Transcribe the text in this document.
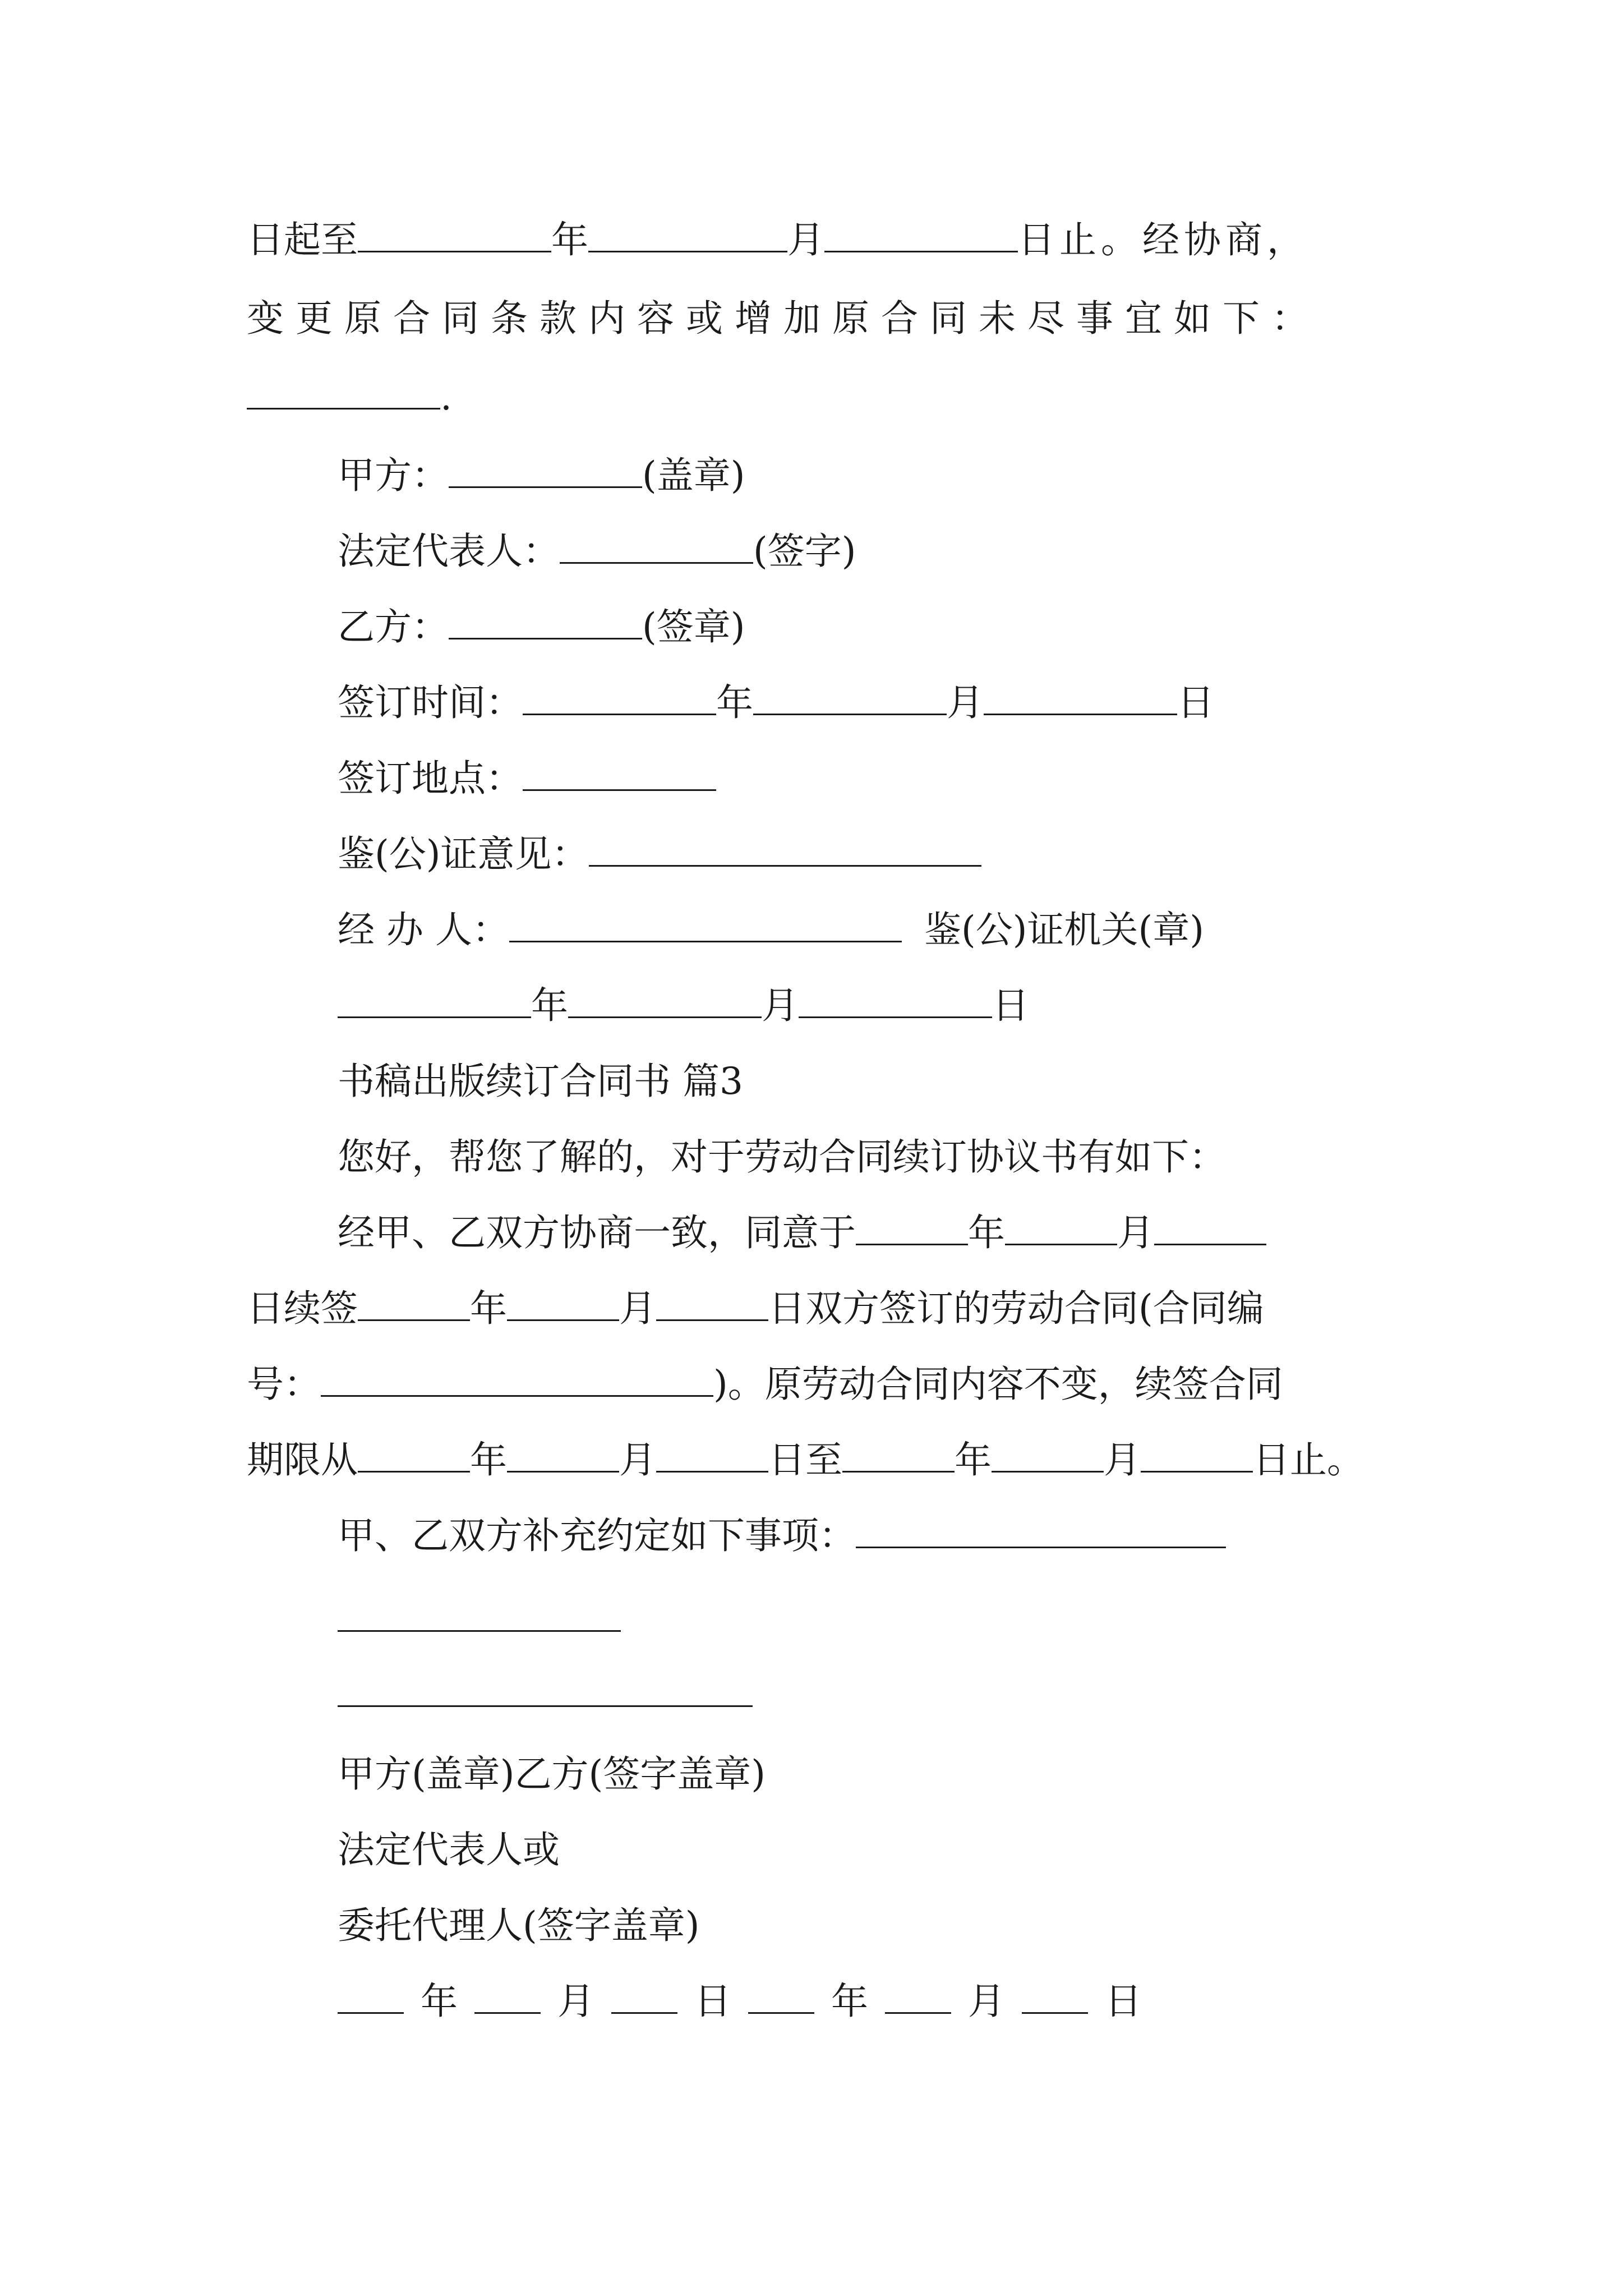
日起至	年	月	日止。经协商，
变更原合同条款内容或增加原合同未尽事宜如下：
.
甲方：	(盖章)
法定代表人：	(签字)
乙方：	(签章)
签订时间：	年	月	日
签订地点：
鉴(公)证意见：
经 办 人：	鉴(公)证机关(章)
年	月	日
书稿出版续订合同书 篇3
您好，帮您了解的，对于劳动合同续订协议书有如下：
经甲、乙双方协商一致，同意于	年	月
日续签	年	月	日双方签订的劳动合同(合同编
号：	)。原劳动合同内容不变，续签合同
期限从	年	月	日至	年	月	日止。
甲、乙双方补充约定如下事项：
甲方(盖章)乙方(签字盖章)
法定代表人或
委托代理人(签字盖章)
年	月	日	年	月	日
